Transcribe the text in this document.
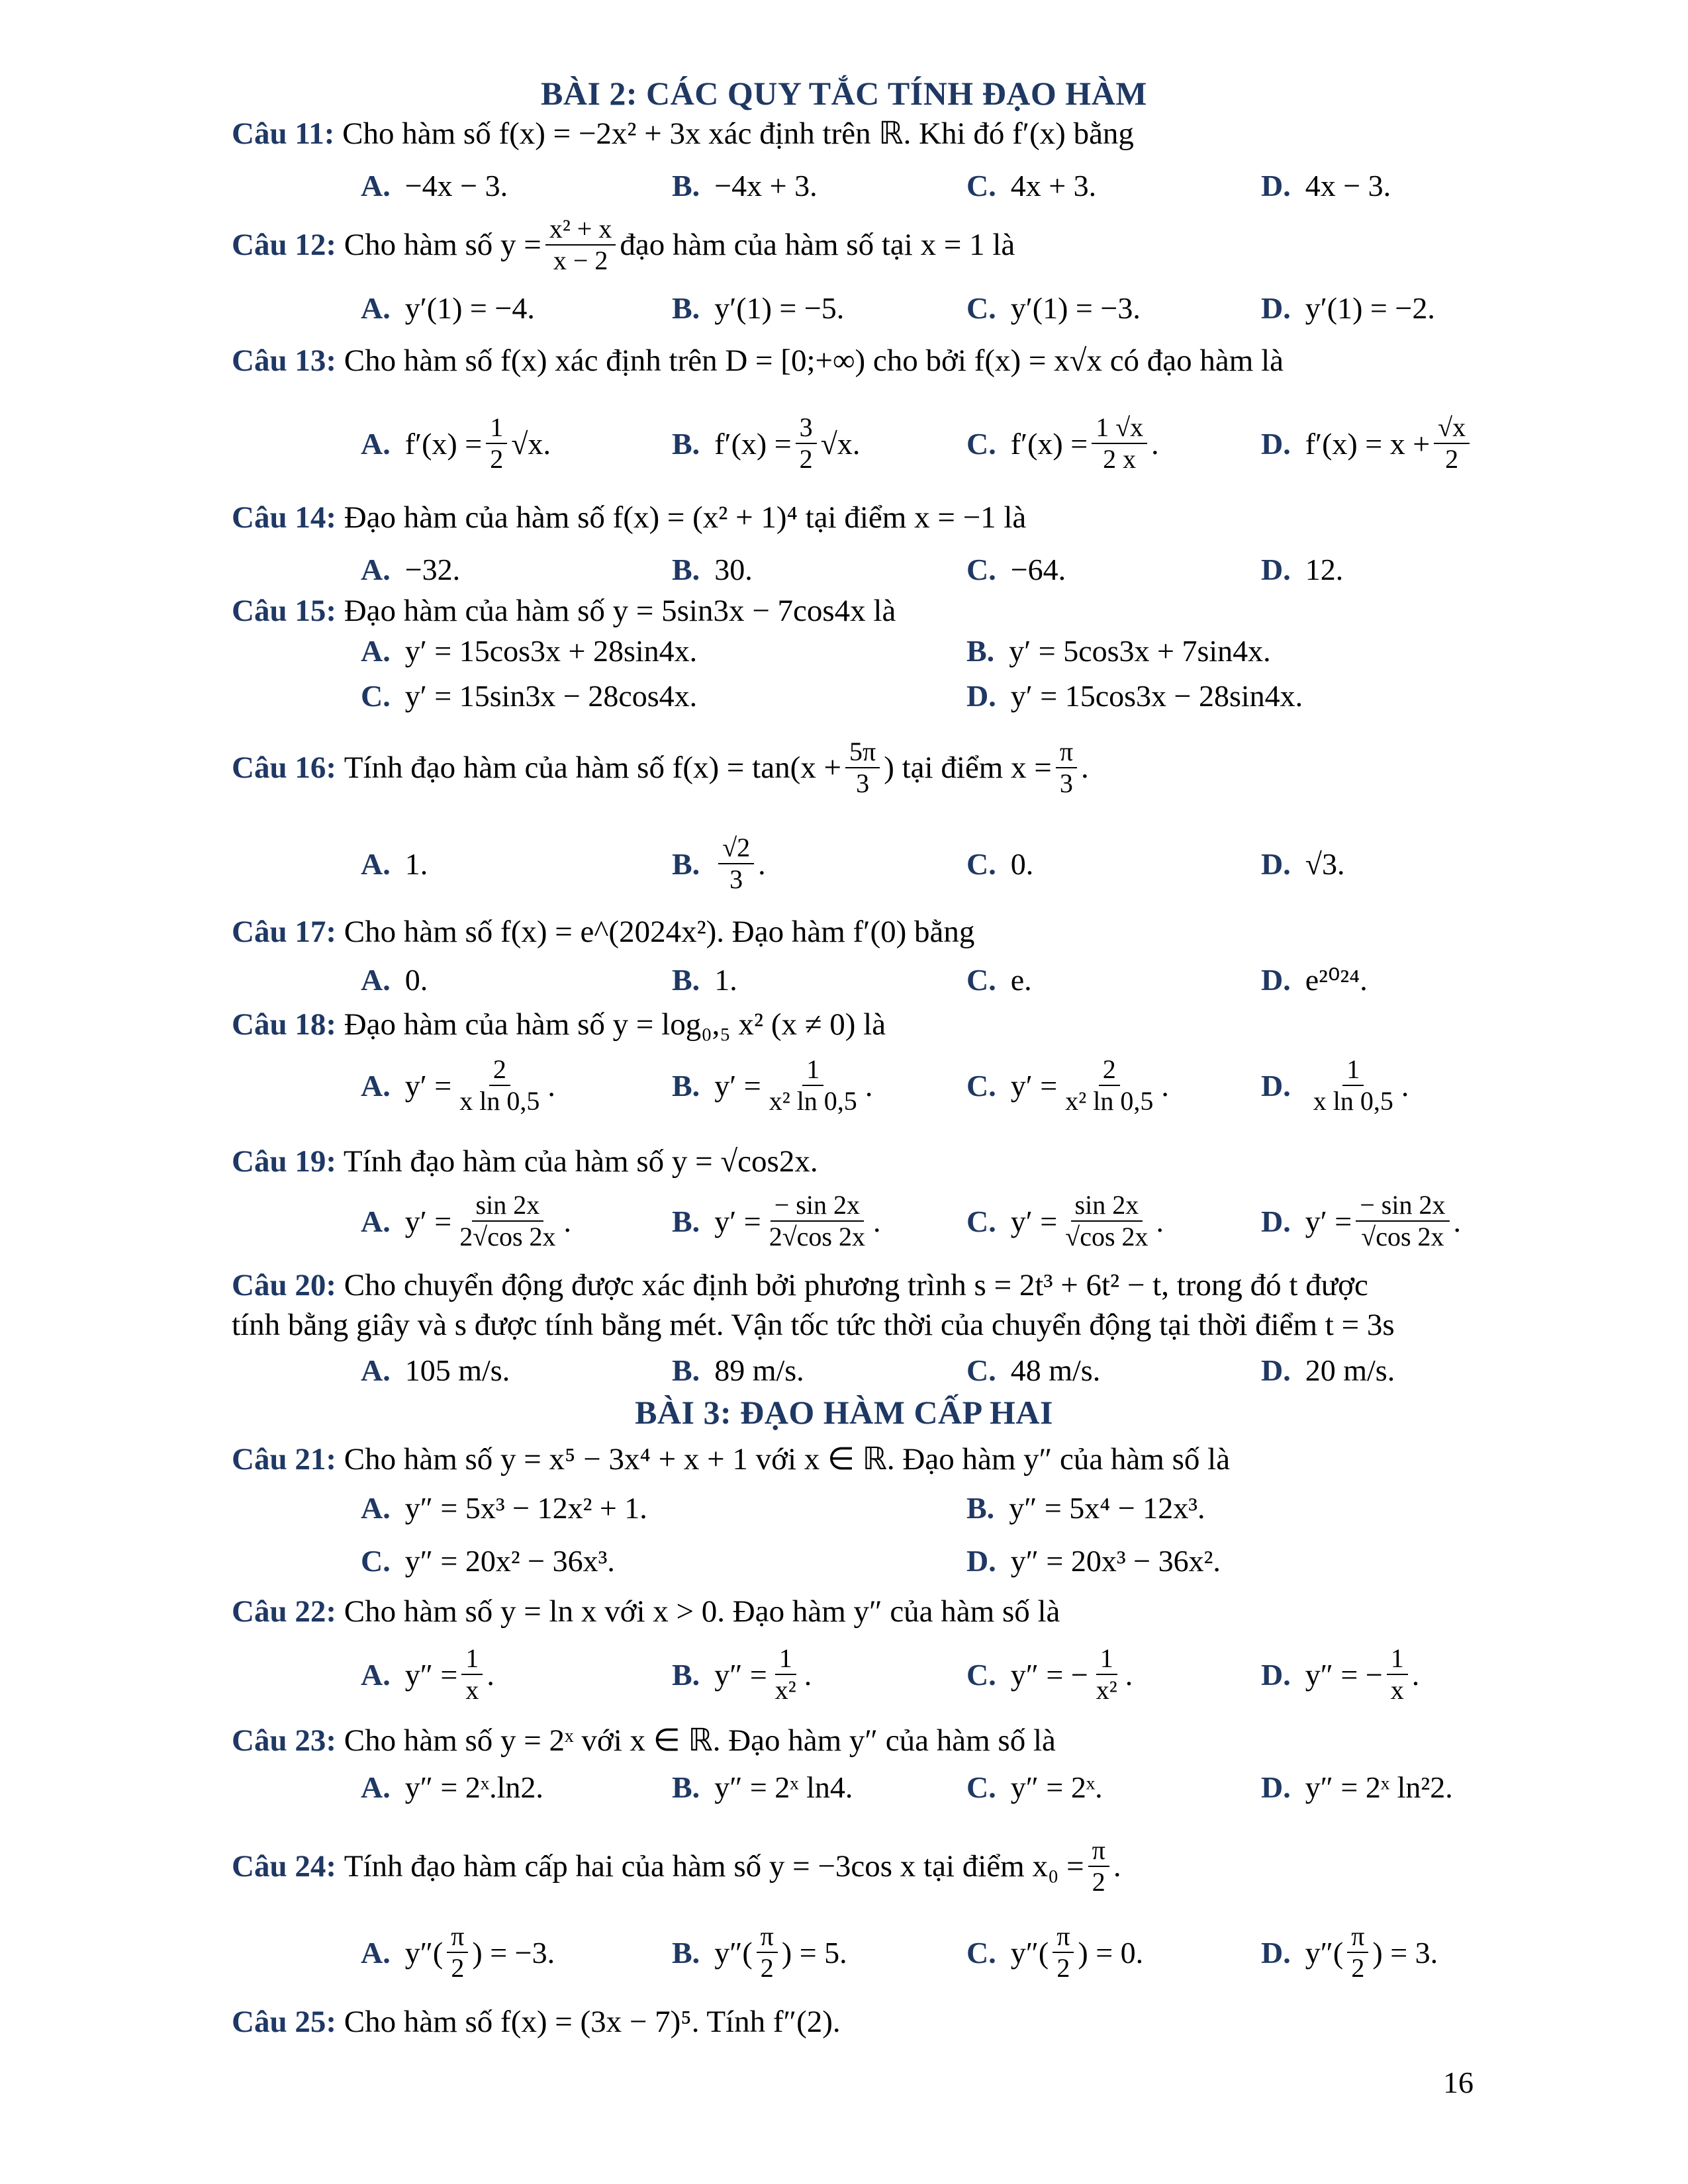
BÀI 2: CÁC QUY TẮC TÍNH ĐẠO HÀM
Câu 11: Cho hàm số f(x) = −2x² + 3x xác định trên ℝ. Khi đó f′(x) bằng
A. −4x − 3.	B. −4x + 3.	C. 4x + 3.	D. 4x − 3.
Câu 12:
Cho hàm số $y = \frac{\text{x² + x}}{x - 2}$ đạo hàm của hàm số tại x = 1 là
A. y′(1) = −4.	B. y′(1) = −5.	C. y′(1) = −3.	D. y′(1) = −2.
Câu 13: Cho hàm số f(x) xác định trên D = [0;+∞) cho bởi f(x) = x√x có đạo hàm là
A. $f'(x) = \frac{1}{2} √x$.	B. $f'(x) = \frac{3}{2} √x$.	C. $f'(x) = \frac{1 √x}{2 x}$ .	D. $f'(x) = x + \frac{√x}{2}$
Câu 14: Đạo hàm của hàm số f(x) = (x² + 1)⁴ tại điểm x = −1 là
A. −32.	B. 30.	C. −64.	D. 12.
Câu 15: Đạo hàm của hàm số y = 5sin3x − 7cos4x là
A. y′ = 15cos3x + 28sin4x.	B. y′ = 5cos3x + 7sin4x.
C. y′ = 15sin3x − 28cos4x.	D. y′ = 15cos3x − 28sin4x.
Câu 16:
Tính đạo hàm của hàm số $f(x) = \tan(x + \frac{5\pi}{3}$ ) tại điểm $x = \frac{\pi}{3}$ .
A. 1.	B. $\frac{√2}{3}$ .	C. 0.	D. √3.
Câu 17: Cho hàm số f(x) = e^(2024x²). Đạo hàm f′(0) bằng
A. 0.	B. 1.	C. e.	D. e²⁰²⁴.
Câu 18: Đạo hàm của hàm số y = log₀,₅ x² (x ≠ 0) là
A. $y' = \frac{2}{\text{x ln 0,5}}$ .	B. $y' = \frac{1}{\text{x² ln 0,5}}$ .	C. $y' = \frac{2}{\text{x² ln 0,5}}$ .	D. $\frac{1}{\text{x ln 0,5}}$ .
Câu 19: Tính đạo hàm của hàm số y = √cos2x.
A. $y' = \frac{\sin 2x}{2√\cos 2x}$ .	B. $y' = \frac{- \sin 2x}{2√\cos 2x}$ .	C. $y' = \frac{\sin 2x}{√\cos 2x}$ .	D. $y' = \frac{- \sin 2x}{√\cos 2x}$ .
Câu 20: Cho chuyển động được xác định bởi phương trình s = 2t³ + 6t² − t, trong đó t được
tính bằng giây và s được tính bằng mét. Vận tốc tức thời của chuyển động tại thời điểm t = 3s
A. 105 m/s.	B. 89 m/s.	C. 48 m/s.	D. 20 m/s.
BÀI 3: ĐẠO HÀM CẤP HAI
Câu 21: Cho hàm số y = x⁵ − 3x⁴ + x + 1 với x ∈ ℝ. Đạo hàm y″ của hàm số là
A. y″ = 5x³ − 12x² + 1.	B. y″ = 5x⁴ − 12x³.
C. y″ = 20x² − 36x³.	D. y″ = 20x³ − 36x².
Câu 22: Cho hàm số y = ln x với x > 0. Đạo hàm y″ của hàm số là
A. $y'' = \frac{1}{x}$ .	B. $y'' = \frac{1}{\text{x²}}$ .	C. y″ = − $\frac{1}{\text{x²}}$ .	D. y″ = − $\frac{1}{x}$ .
Câu 23: Cho hàm số y = 2ˣ với x ∈ ℝ. Đạo hàm y″ của hàm số là
A. y″ = 2ˣ.ln2.	B. y″ = 2ˣ ln4.	C. y″ = 2ˣ.	D. y″ = 2ˣ ln²2.
Câu 24:
Tính đạo hàm cấp hai của hàm số y = −3cos x tại điểm $x_0 = \frac{\pi}{2}$ .
A. $y''( \frac{\pi}{2}$ ) = −3.	B. $y''( \frac{\pi}{2}$ ) = 5.	C. $y''( \frac{\pi}{2}$ ) = 0.	D. $y''( \frac{\pi}{2}$ ) = 3.
Câu 25: Cho hàm số f(x) = (3x − 7)⁵. Tính f″(2).
16
